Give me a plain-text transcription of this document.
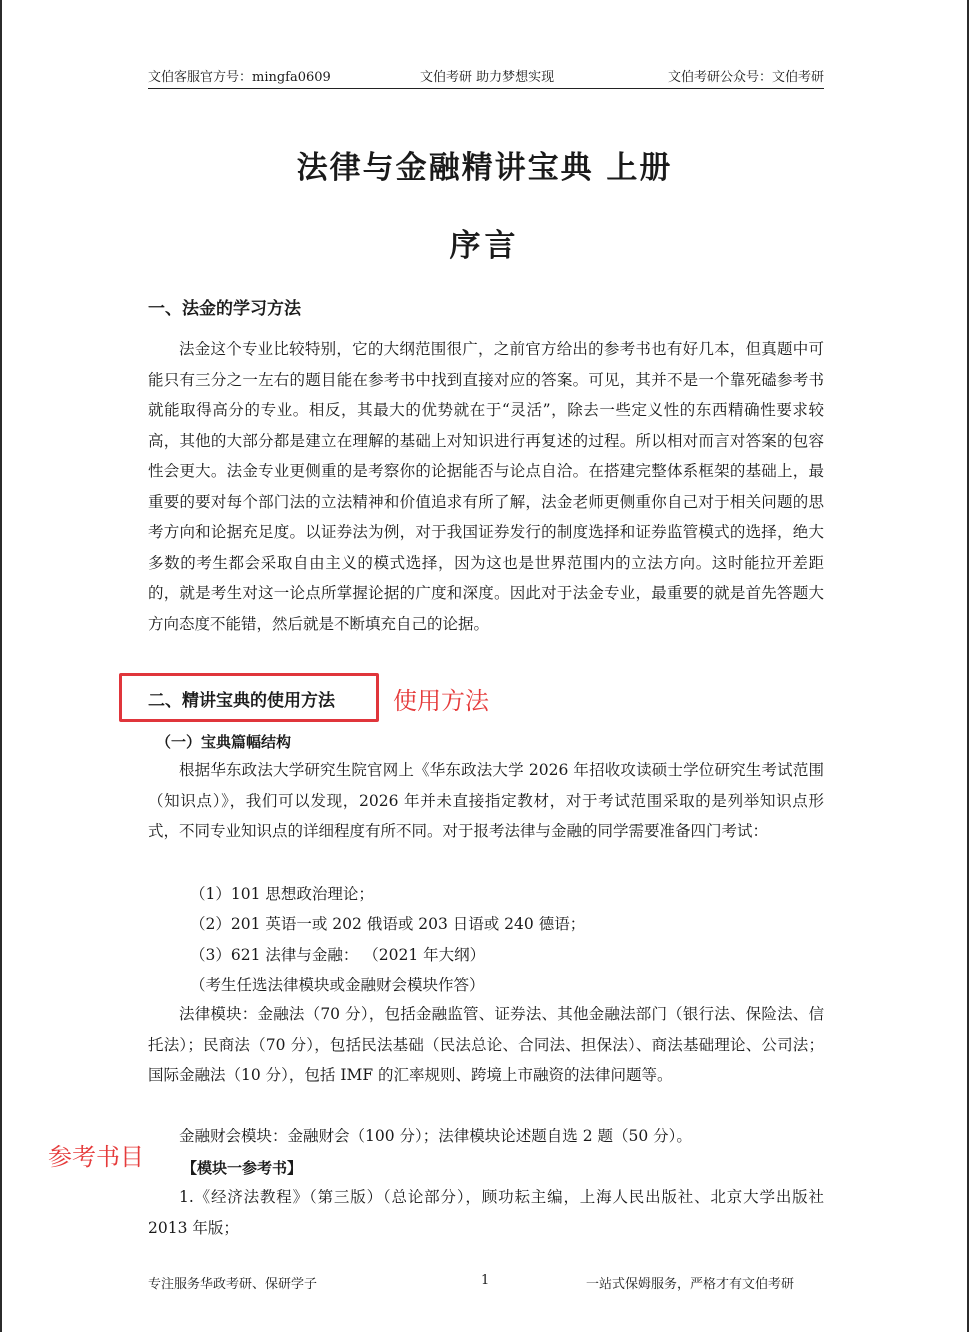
文伯客服官方号：mingfa0609	文伯考研 助力梦想实现	文伯考研公众号：文伯考研
法律与金融精讲宝典 上册
序言
一、法金的学习方法

法金这个专业比较特别，它的大纲范围很广，之前官方给出的参考书也有好几本，但真题中可能只有三分之一左右的题目能在参考书中找到直接对应的答案。可见，其并不是一个靠死磕参考书就能取得高分的专业。相反，其最大的优势就在于“灵活”，除去一些定义性的东西精确性要求较高，其他的大部分都是建立在理解的基础上对知识进行再复述的过程。所以相对而言对答案的包容性会更大。法金专业更侧重的是考察你的论据能否与论点自洽。在搭建完整体系框架的基础上，最重要的要对每个部门法的立法精神和价值追求有所了解，法金老师更侧重你自己对于相关问题的思考方向和论据充足度。以证券法为例，对于我国证券发行的制度选择和证券监管模式的选择，绝大多数的考生都会采取自由主义的模式选择，因为这也是世界范围内的立法方向。这时能拉开差距的，就是考生对这一论点所掌握论据的广度和深度。因此对于法金专业，最重要的就是首先答题大方向态度不能错，然后就是不断填充自己的论据。

二、精讲宝典的使用方法 使用方法
（一）宝典篇幅结构

根据华东政法大学研究生院官网上《华东政法大学 2026 年招收攻读硕士学位研究生考试范围（知识点）》，我们可以发现，2026 年并未直接指定教材，对于考试范围采取的是列举知识点形式，不同专业知识点的详细程度有所不同。对于报考法律与金融的同学需要准备四门考试：

（1）101 思想政治理论；
（2）201 英语一或 202 俄语或 203 日语或 240 德语；
（3）621 法律与金融： （2021 年大纲）
（考生任选法律模块或金融财会模块作答）

法律模块：金融法（70 分），包括金融监管、证券法、其他金融法部门（银行法、保险法、信托法）；民商法（70 分），包括民法基础（民法总论、合同法、担保法）、商法基础理论、公司法；国际金融法（10 分），包括 IMF 的汇率规则、跨境上市融资的法律问题等。

金融财会模块：金融财会（100 分）；法律模块论述题自选 2 题（50 分）。

参考书目	【模块一参考书】

1.《经济法教程》（第三版）（总论部分），顾功耘主编，上海人民出版社、北京大学出版社 2013 年版；

专注服务华政考研、保研学子	1	一站式保姆服务，严格才有文伯考研
